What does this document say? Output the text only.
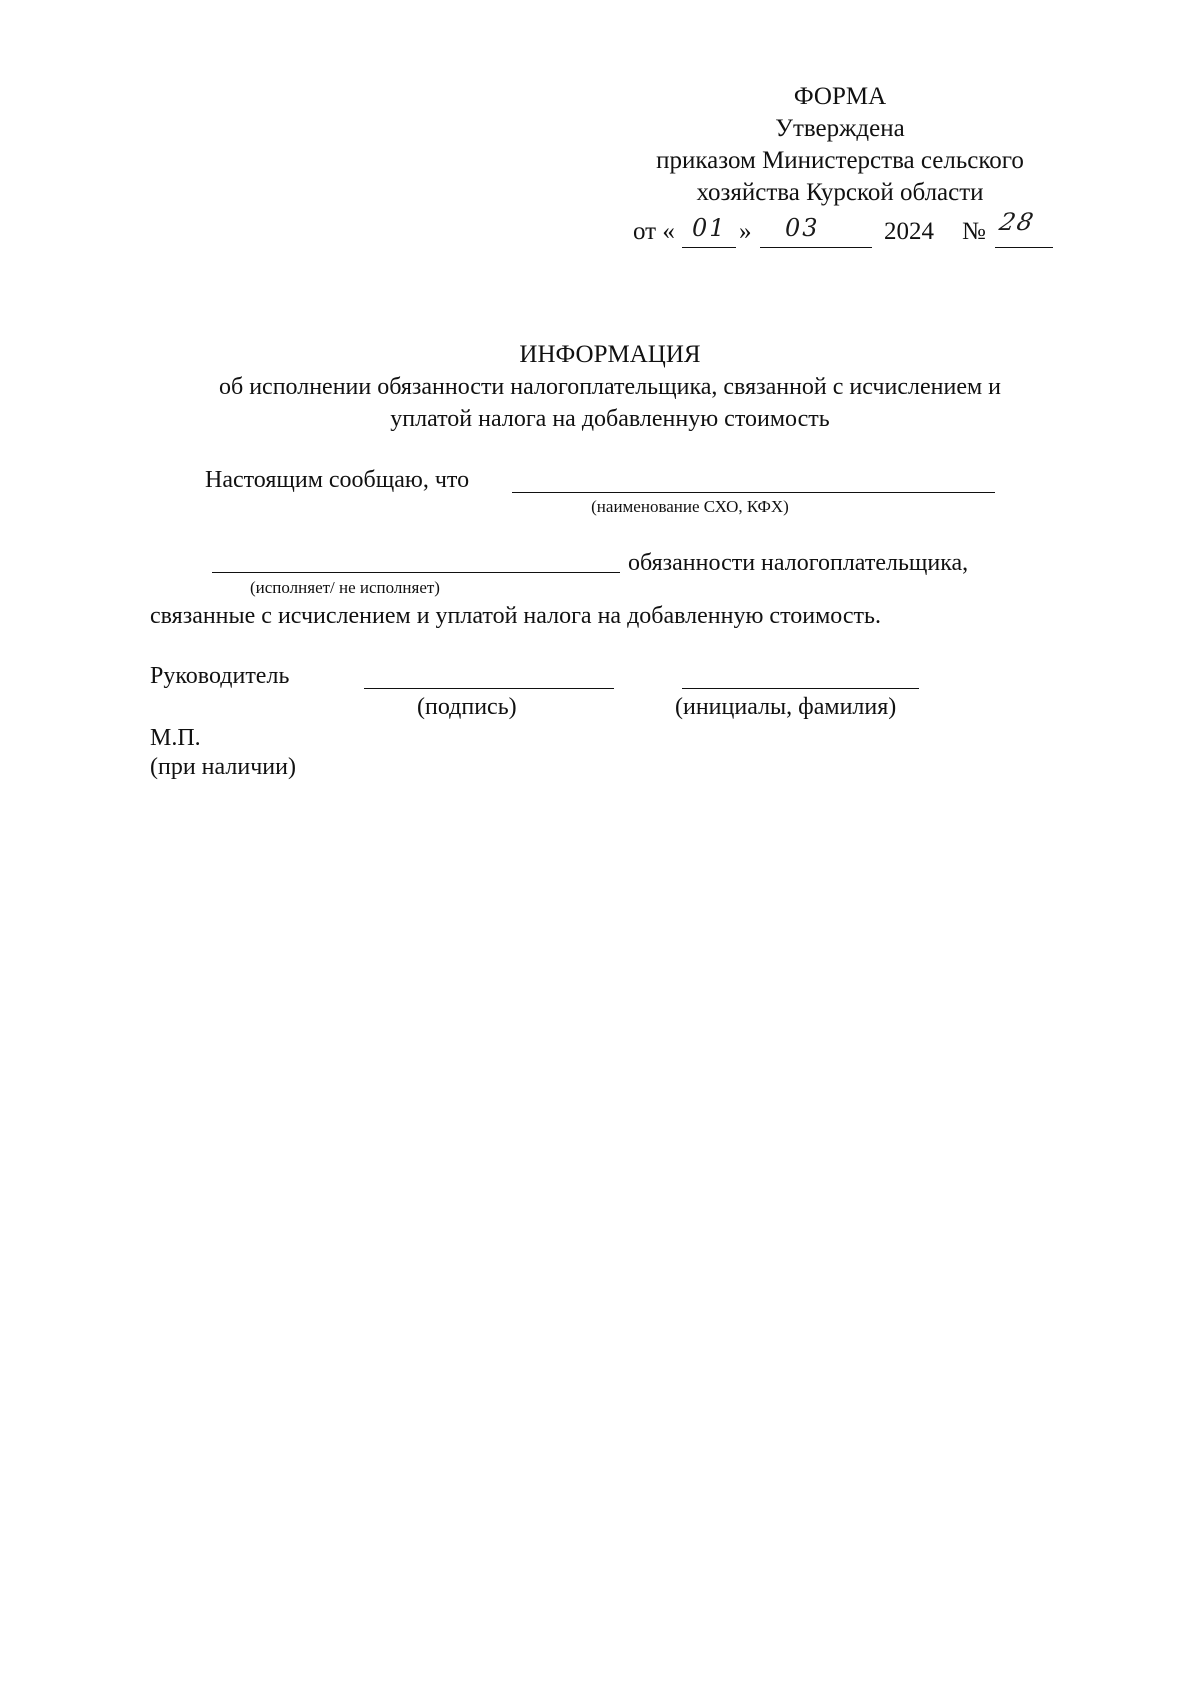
ФОРМА
Утверждена
приказом Министерства сельского
хозяйства Курской области
от « 01 » 03	2024 № 28
ИНФОРМАЦИЯ
об исполнении обязанности налогоплательщика, связанной с исчислением и
уплатой налога на добавленную стоимость
Настоящим сообщаю, что
(наименование СХО, КФХ)
обязанности налогоплательщика,
(исполняет/ не исполняет)
связанные с исчислением и уплатой налога на добавленную стоимость.
Руководитель
(подпись)	(инициалы, фамилия)
М.П.
(при наличии)
